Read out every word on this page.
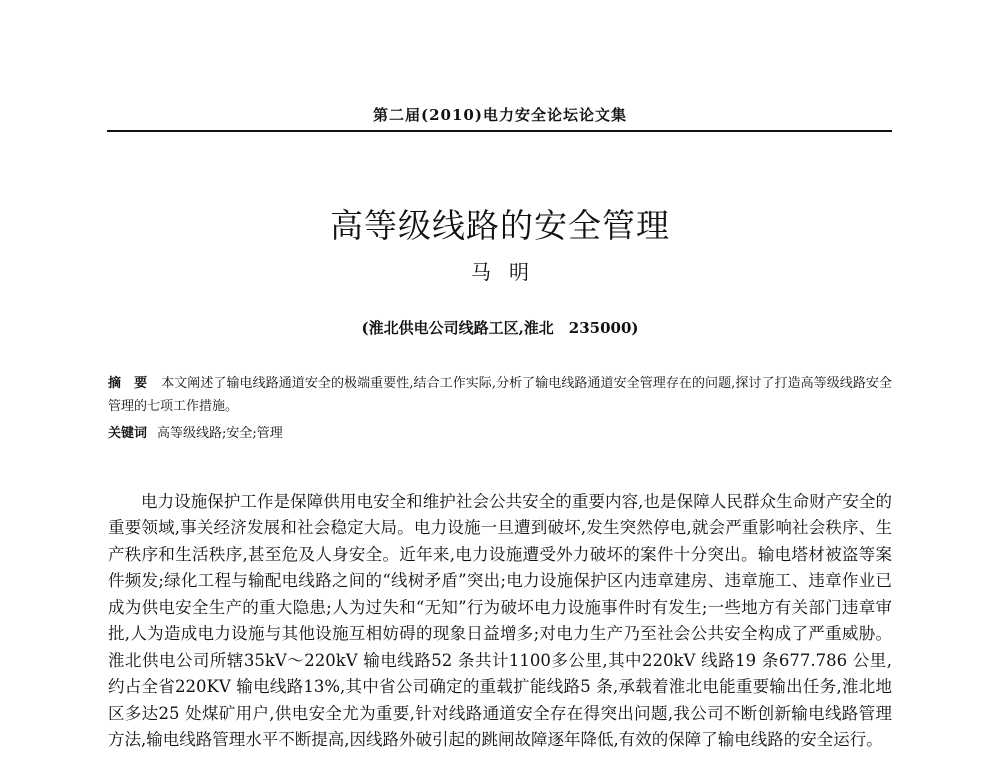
第二届(2010)电力安全论坛论文集
高等级线路的安全管理
马明
(淮北供电公司线路工区,淮北　235000)
摘　要 本文阐述了输电线路通道安全的极端重要性,结合工作实际,分析了输电线路通道安全管理存在的问题,探讨了打造高等级线路安全管理的七项工作措施。
关键词 高等级线路;安全;管理

电力设施保护工作是保障供用电安全和维护社会公共安全的重要内容,也是保障人民群众生命财产安全的重要领域,事关经济发展和社会稳定大局。电力设施一旦遭到破坏,发生突然停电,就会严重影响社会秩序、生产秩序和生活秩序,甚至危及人身安全。近年来,电力设施遭受外力破坏的案件十分突出。输电塔材被盗等案件频发;绿化工程与输配电线路之间的“线树矛盾”突出;电力设施保护区内违章建房、违章施工、违章作业已成为供电安全生产的重大隐患;人为过失和“无知”行为破坏电力设施事件时有发生;一些地方有关部门违章审批,人为造成电力设施与其他设施互相妨碍的现象日益增多;对电力生产乃至社会公共安全构成了严重威胁。淮北供电公司所辖35kV～220kV 输电线路52 条共计1100多公里,其中220kV 线路19 条677.786 公里,约占全省220KV 输电线路13%,其中省公司确定的重载扩能线路5 条,承载着淮北电能重要输出任务,淮北地区多达25 处煤矿用户,供电安全尤为重要,针对线路通道安全存在得突出问题,我公司不断创新输电线路管理方法,输电线路管理水平不断提高,因线路外破引起的跳闸故障逐年降低,有效的保障了输电线路的安全运行。
